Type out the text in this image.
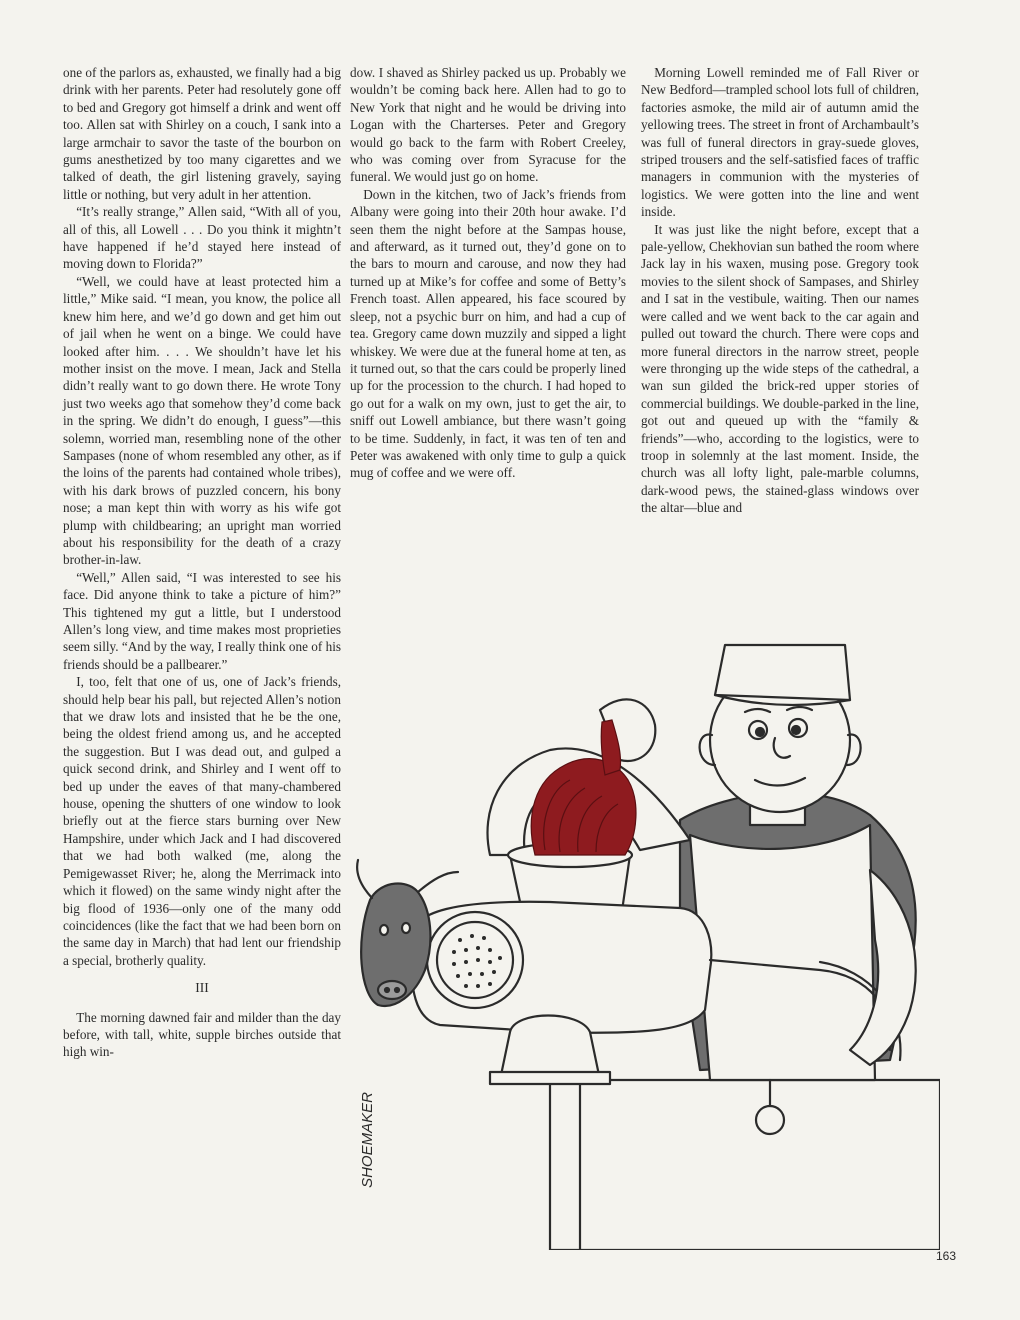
one of the parlors as, exhausted, we finally had a big drink with her parents. Peter had resolutely gone off to bed and Gregory got himself a drink and went off too. Allen sat with Shirley on a couch, I sank into a large armchair to savor the taste of the bourbon on gums anesthetized by too many cigarettes and we talked of death, the girl listening gravely, saying little or nothing, but very adult in her attention.

“It’s really strange,” Allen said, “With all of you, all of this, all Lowell . . . Do you think it mightn’t have happened if he’d stayed here instead of moving down to Florida?”

“Well, we could have at least protected him a little,” Mike said. “I mean, you know, the police all knew him here, and we’d go down and get him out of jail when he went on a binge. We could have looked after him. . . . We shouldn’t have let his mother insist on the move. I mean, Jack and Stella didn’t really want to go down there. He wrote Tony just two weeks ago that somehow they’d come back in the spring. We didn’t do enough, I guess”—this solemn, worried man, resembling none of the other Sampases (none of whom resembled any other, as if the loins of the parents had contained whole tribes), with his dark brows of puzzled concern, his bony nose; a man kept thin with worry as his wife got plump with childbearing; an upright man worried about his responsibility for the death of a crazy brother-in-law.

“Well,” Allen said, “I was interested to see his face. Did anyone think to take a picture of him?” This tightened my gut a little, but I understood Allen’s long view, and time makes most proprieties seem silly. “And by the way, I really think one of his friends should be a pallbearer.”

I, too, felt that one of us, one of Jack’s friends, should help bear his pall, but rejected Allen’s notion that we draw lots and insisted that he be the one, being the oldest friend among us, and he accepted the suggestion. But I was dead out, and gulped a quick second drink, and Shirley and I went off to bed up under the eaves of that many-chambered house, opening the shutters of one window to look briefly out at the fierce stars burning over New Hampshire, under which Jack and I had discovered that we had both walked (me, along the Pemigewasset River; he, along the Merrimack into which it flowed) on the same windy night after the big flood of 1936—only one of the many odd coincidences (like the fact that we had been born on the same day in March) that had lent our friendship a special, brotherly quality.

III

The morning dawned fair and milder than the day before, with tall, white, supple birches outside that high win-

dow. I shaved as Shirley packed us up. Probably we wouldn’t be coming back here. Allen had to go to New York that night and he would be driving into Logan with the Charterses. Peter and Gregory would go back to the farm with Robert Creeley, who was coming over from Syracuse for the funeral. We would just go on home.

Down in the kitchen, two of Jack’s friends from Albany were going into their 20th hour awake. I’d seen them the night before at the Sampas house, and afterward, as it turned out, they’d gone on to the bars to mourn and carouse, and now they had turned up at Mike’s for coffee and some of Betty’s French toast. Allen appeared, his face scoured by sleep, not a psychic burr on him, and had a cup of tea. Gregory came down muzzily and sipped a light whiskey. We were due at the funeral home at ten, as it turned out, so that the cars could be properly lined up for the procession to the church. I had hoped to go out for a walk on my own, just to get the air, to sniff out Lowell ambiance, but there wasn’t going to be time. Suddenly, in fact, it was ten of ten and Peter was awakened with only time to gulp a quick mug of coffee and we were off.

Morning Lowell reminded me of Fall River or New Bedford—trampled school lots full of children, factories asmoke, the mild air of autumn amid the yellowing trees. The street in front of Archambault’s was full of funeral directors in gray-suede gloves, striped trousers and the self-satisfied faces of traffic managers in communion with the mysteries of logistics. We were gotten into the line and went inside.

It was just like the night before, except that a pale-yellow, Chekhovian sun bathed the room where Jack lay in his waxen, musing pose. Gregory took movies to the silent shock of Sampases, and Shirley and I sat in the vestibule, waiting. Then our names were called and we went back to the car again and pulled out toward the church. There were cops and more funeral directors in the narrow street, people were thronging up the wide steps of the cathedral, a wan sun gilded the brick-red upper stories of commercial buildings. We double-parked in the line, got out and queued up with the “family & friends”—who, according to the logistics, were to troop in solemnly at the last moment. Inside, the church was all lofty light, pale-marble columns, dark-wood pews, the stained-glass windows over the altar—blue and

SHOEMAKER
163
